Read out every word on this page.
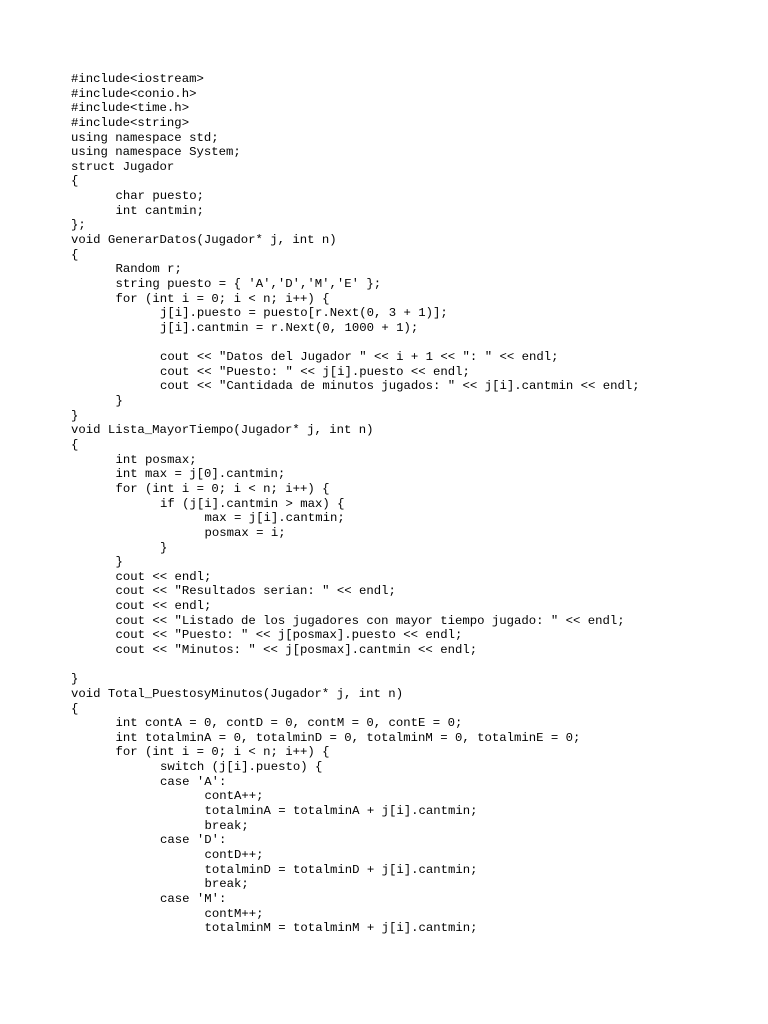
#include<iostream>
#include<conio.h>
#include<time.h>
#include<string>
using namespace std;
using namespace System;
struct Jugador
{
char puesto;
int cantmin;
};
void GenerarDatos(Jugador* j, int n)
{
Random r;
string puesto = { 'A','D','M','E' };
for (int i = 0; i < n; i++) {
j[i].puesto = puesto[r.Next(0, 3 + 1)];
j[i].cantmin = r.Next(0, 1000 + 1);
cout << "Datos del Jugador " << i + 1 << ": " << endl;
cout << "Puesto: " << j[i].puesto << endl;
cout << "Cantidada de minutos jugados: " << j[i].cantmin << endl;
}
}
void Lista_MayorTiempo(Jugador* j, int n)
{
int posmax;
int max = j[0].cantmin;
for (int i = 0; i < n; i++) {
if (j[i].cantmin > max) {
max = j[i].cantmin;
posmax = i;
}
}
cout << endl;
cout << "Resultados serian: " << endl;
cout << endl;
cout << "Listado de los jugadores con mayor tiempo jugado: " << endl;
cout << "Puesto: " << j[posmax].puesto << endl;
cout << "Minutos: " << j[posmax].cantmin << endl;
}
void Total_PuestosyMinutos(Jugador* j, int n)
{
int contA = 0, contD = 0, contM = 0, contE = 0;
int totalminA = 0, totalminD = 0, totalminM = 0, totalminE = 0;
for (int i = 0; i < n; i++) {
switch (j[i].puesto) {
case 'A':
contA++;
totalminA = totalminA + j[i].cantmin;
break;
case 'D':
contD++;
totalminD = totalminD + j[i].cantmin;
break;
case 'M':
contM++;
totalminM = totalminM + j[i].cantmin;
